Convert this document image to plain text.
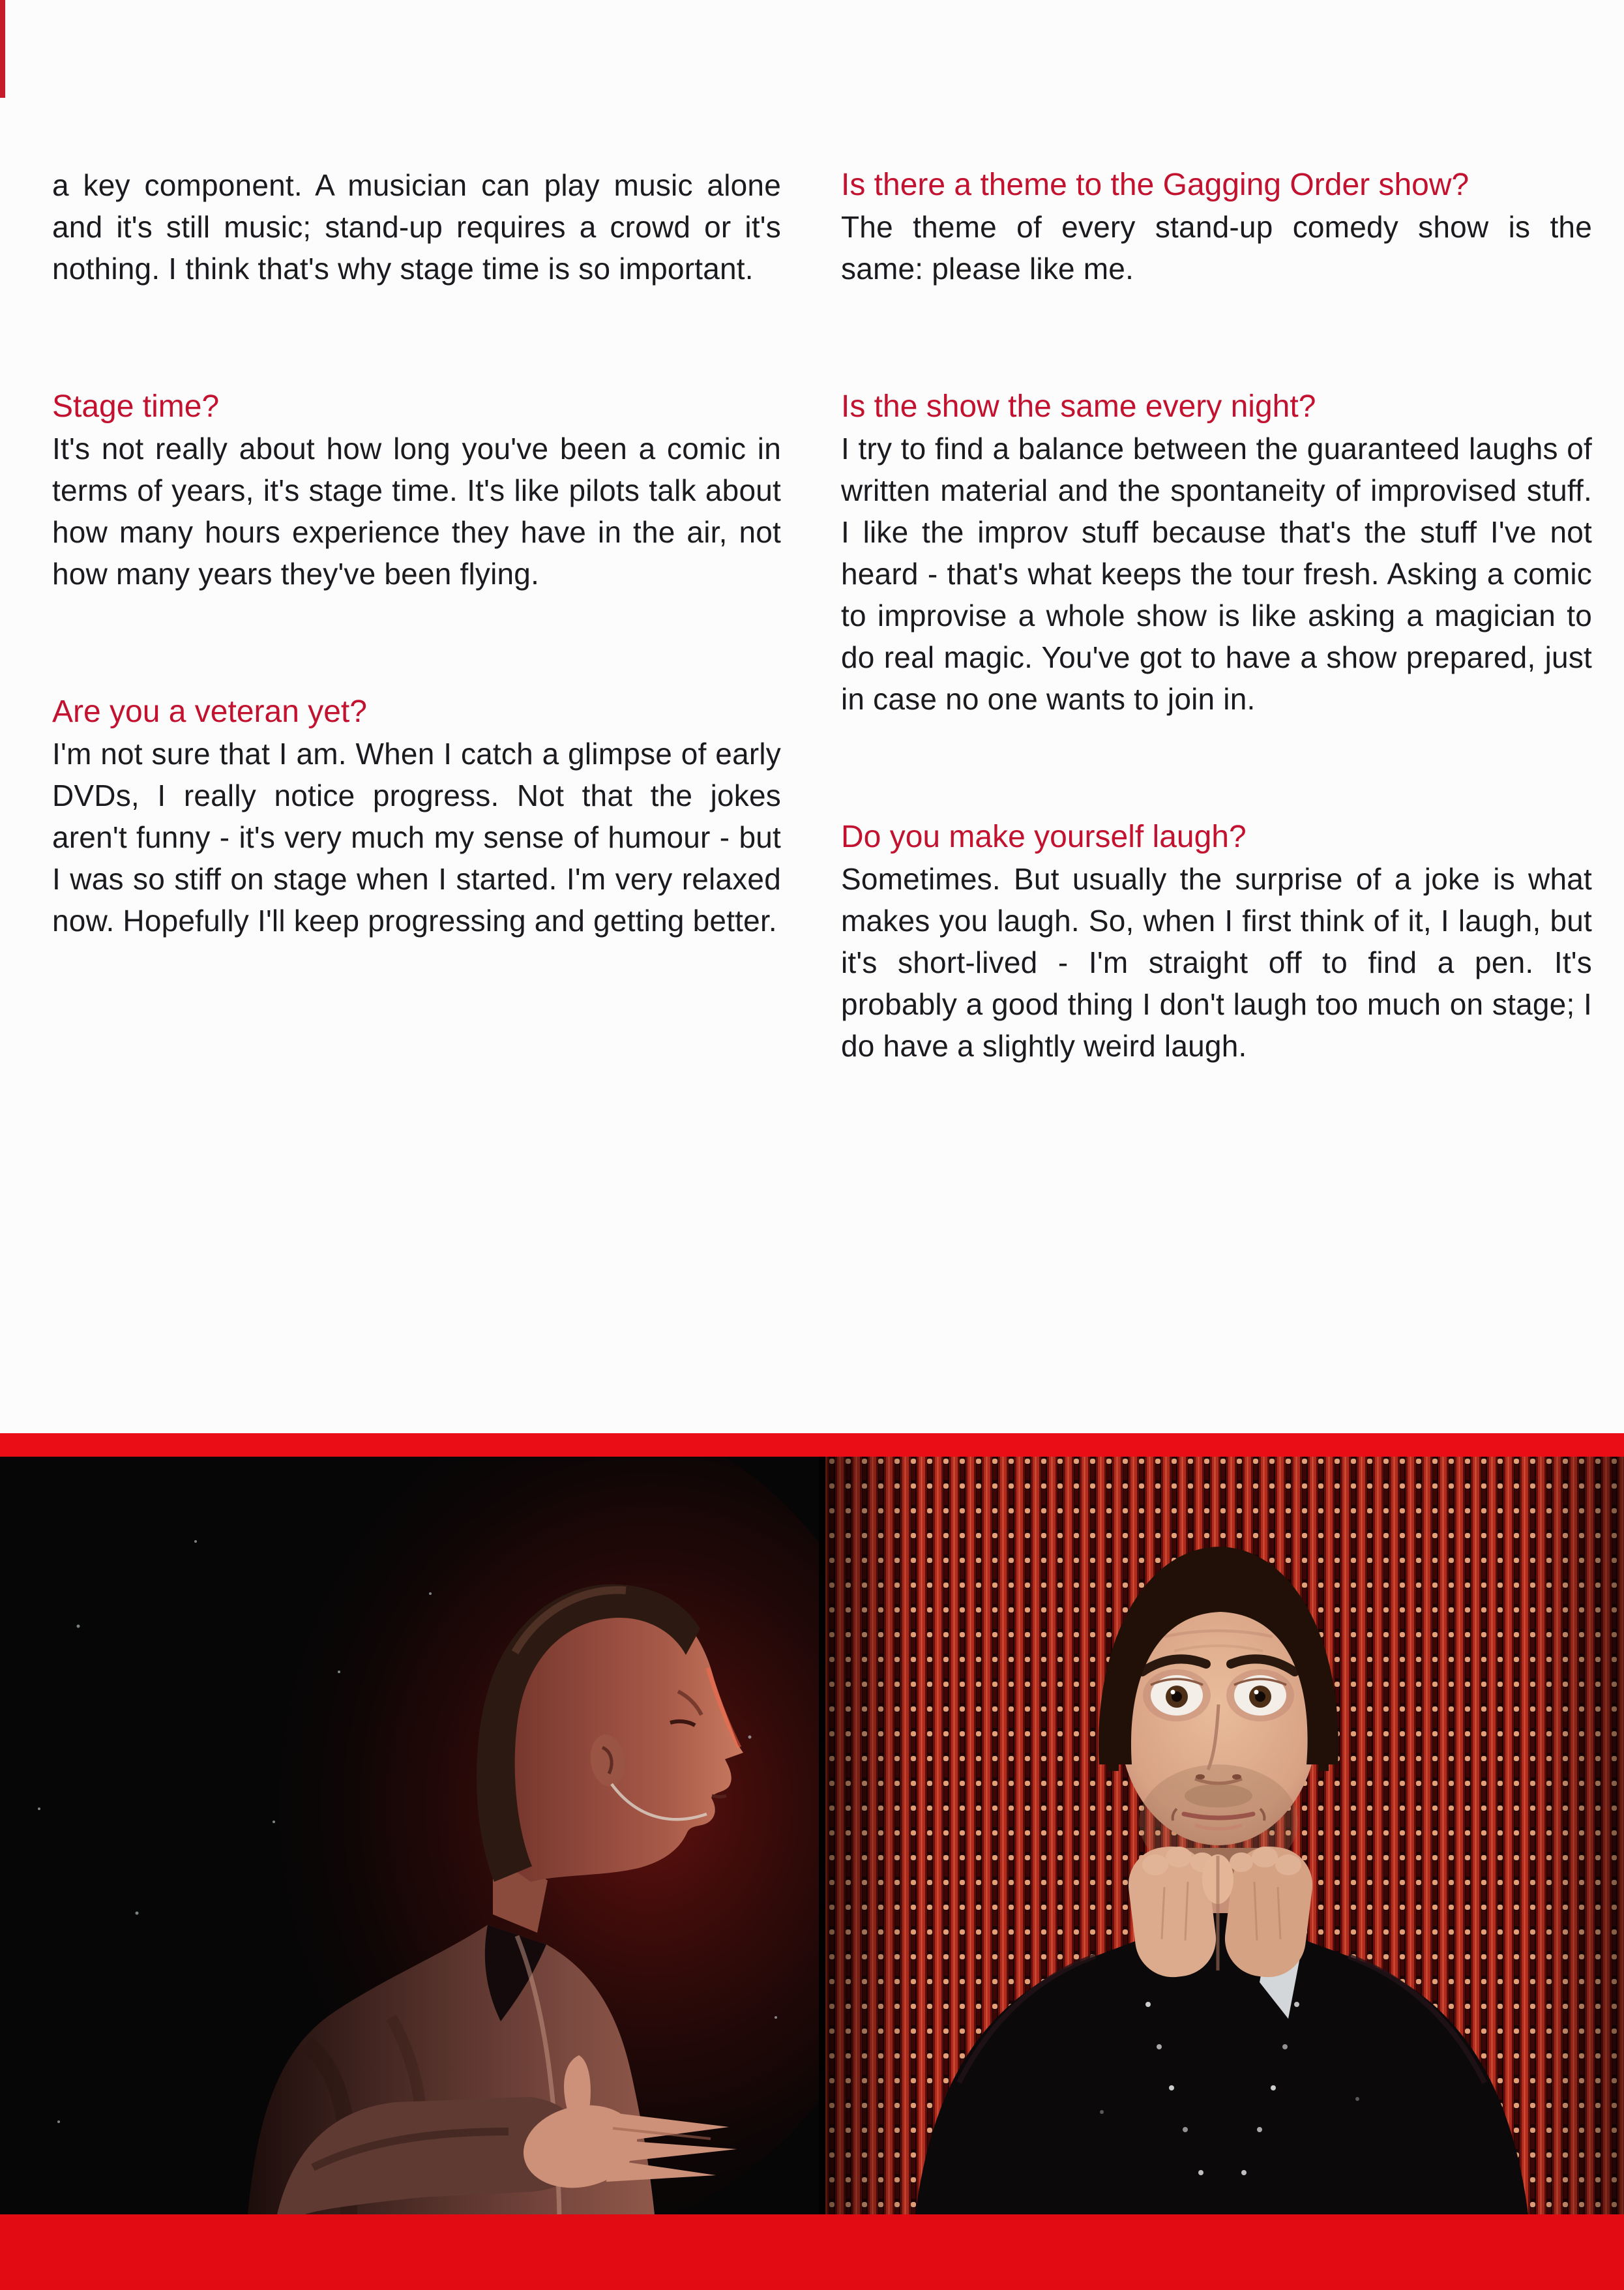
a key component. A musician can play music alone and it's still music; stand-up requires a crowd or it's nothing. I think that's why stage time is so important.

Stage time?

It's not really about how long you've been a comic in terms of years, it's stage time. It's like pilots talk about how many hours experience they have in the air, not how many years they've been flying.

Are you a veteran yet?

I'm not sure that I am. When I catch a glimpse of early DVDs, I really notice progress. Not that the jokes aren't funny - it's very much my sense of humour - but I was so stiff on stage when I started. I'm very relaxed now. Hopefully I'll keep progressing and getting better.

Is there a theme to the Gagging Order show?

The theme of every stand-up comedy show is the same: please like me.

Is the show the same every night?

I try to find a balance between the guaranteed laughs of written material and the spontaneity of improvised stuff. I like the improv stuff because that's the stuff I've not heard - that's what keeps the tour fresh. Asking a comic to improvise a whole show is like asking a magician to do real magic. You've got to have a show prepared, just in case no one wants to join in.

Do you make yourself laugh?

Sometimes. But usually the surprise of a joke is what makes you laugh. So, when I first think of it, I laugh, but it's short-lived - I'm straight off to find a pen. It's probably a good thing I don't laugh too much on stage; I do have a slightly weird laugh.
